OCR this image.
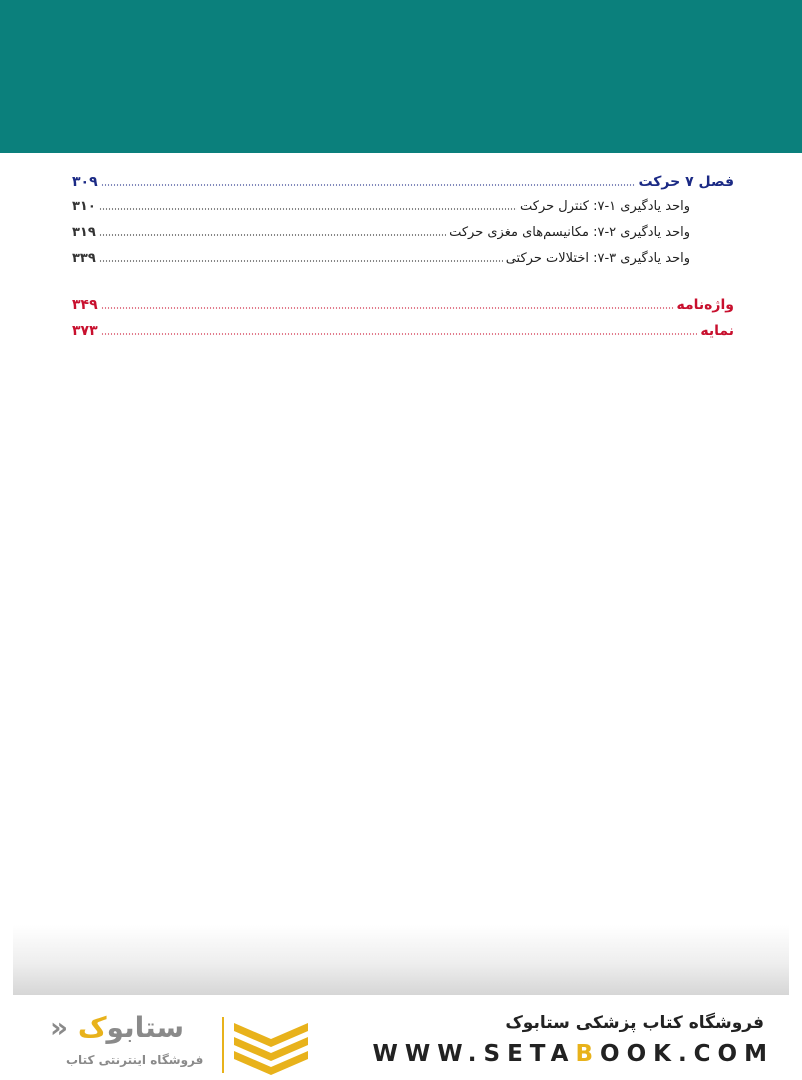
فصل ۷ حرکت
۳۰۹
واحد یادگیری ۱-۷: کنترل حرکت
۳۱۰
واحد یادگیری ۲-۷: مکانیسم‌های مغزی حرکت
۳۱۹
واحد یادگیری ۳-۷: اختلالات حرکتی
۳۳۹
واژه‌نامه
۳۴۹
نمایه
۳۷۳
فروشگاه کتاب پزشکی ستابوک
WWW.SETABOOK.COM
ستابوک «
فروشگاه اینترنتی کتاب
